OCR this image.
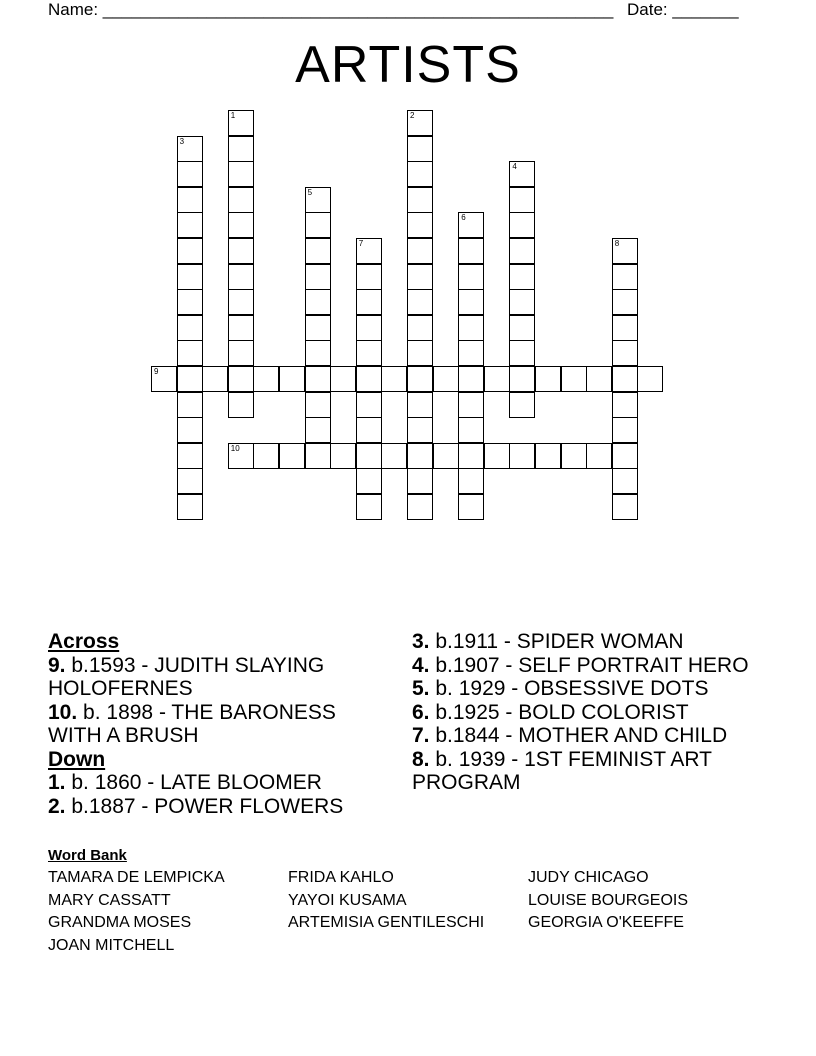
Name: ______________________________________________________ Date: _______
ARTISTS
1	2
3
4
5
6
7	8
9
10
Across
9. b.1593 - JUDITH SLAYING HOLOFERNES
10. b. 1898 - THE BARONESS WITH A BRUSH
Down
1. b. 1860 - LATE BLOOMER
2. b.1887 - POWER FLOWERS
3. b.1911 - SPIDER WOMAN
4. b.1907 - SELF PORTRAIT HERO
5. b. 1929 - OBSESSIVE DOTS
6. b.1925 - BOLD COLORIST
7. b.1844 - MOTHER AND CHILD
8. b. 1939 - 1ST FEMINIST ART PROGRAM
Word Bank
TAMARA DE LEMPICKA	FRIDA KAHLO	JUDY CHICAGO
MARY CASSATT	YAYOI KUSAMA	LOUISE BOURGEOIS
GRANDMA MOSES	ARTEMISIA GENTILESCHI	GEORGIA O'KEEFFE
JOAN MITCHELL
